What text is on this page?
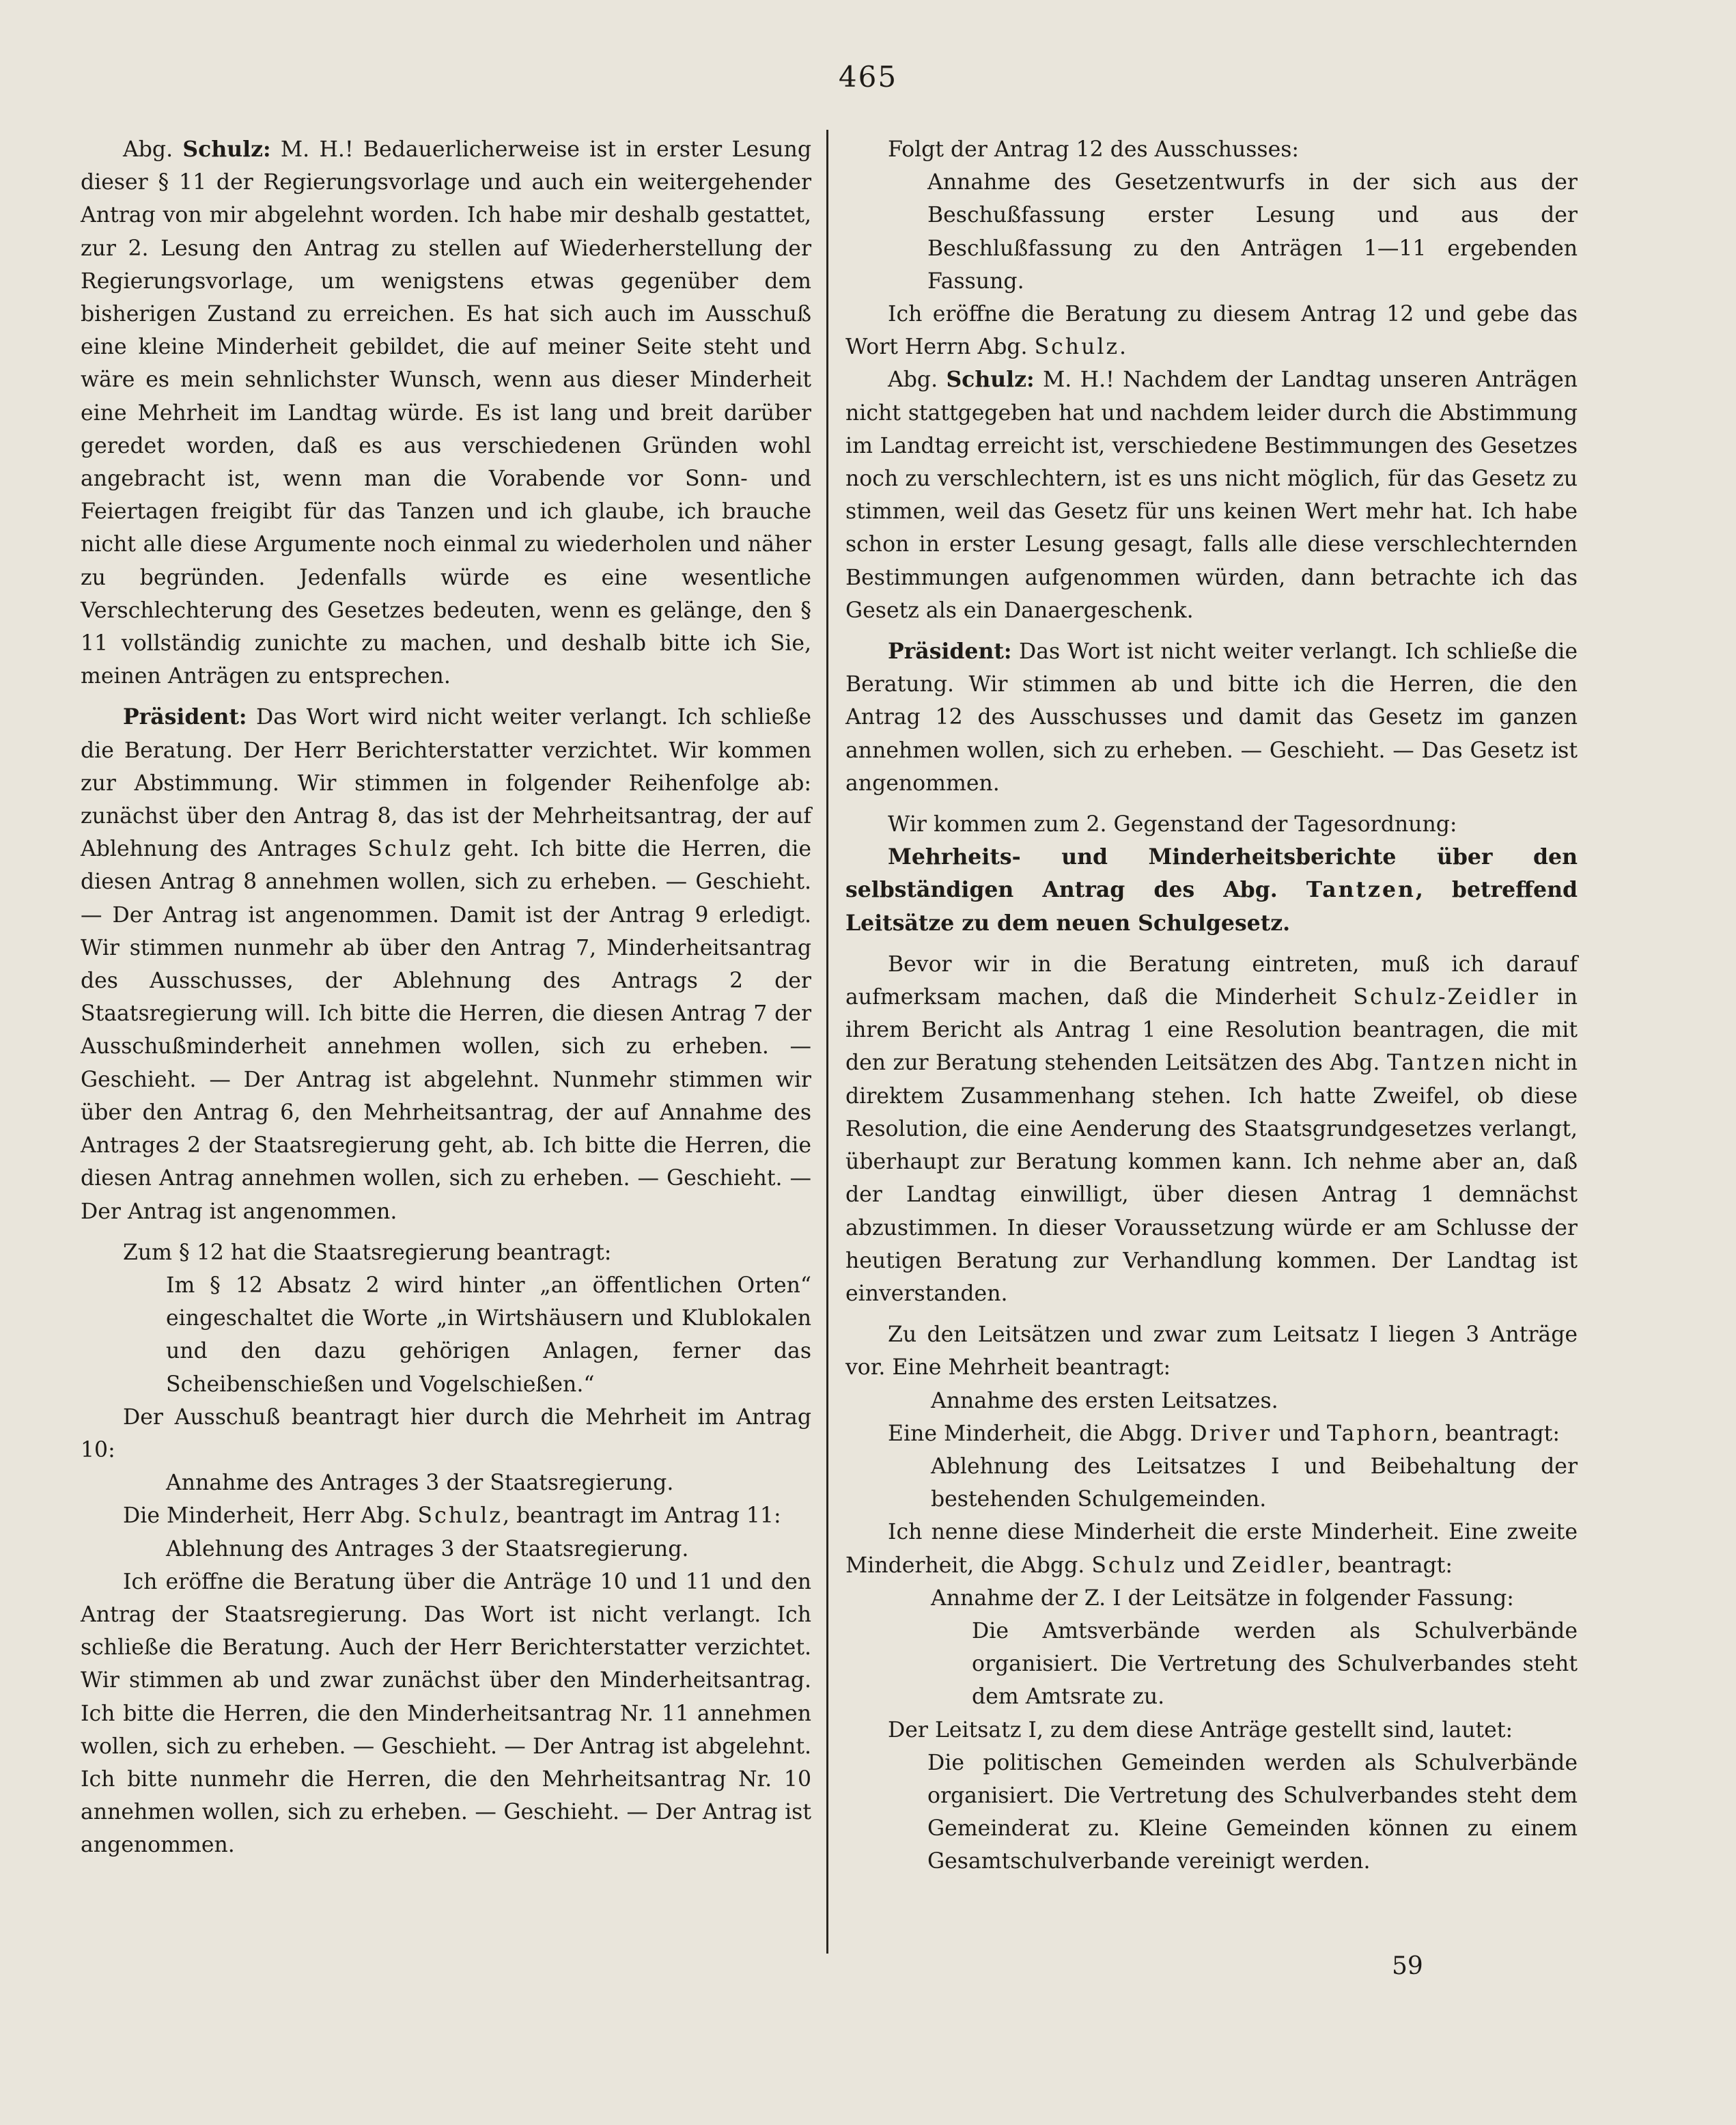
465

Abg. Schulz: M. H.! Bedauerlicherweise ist in erster Lesung dieser § 11 der Regierungsvorlage und auch ein weitergehender Antrag von mir abgelehnt worden. Ich habe mir deshalb gestattet, zur 2. Lesung den Antrag zu stellen auf Wiederherstellung der Regierungsvorlage, um wenigstens etwas gegenüber dem bisherigen Zustand zu erreichen. Es hat sich auch im Ausschuß eine kleine Minderheit gebildet, die auf meiner Seite steht und wäre es mein sehnlichster Wunsch, wenn aus dieser Minderheit eine Mehrheit im Landtag würde. Es ist lang und breit darüber geredet worden, daß es aus verschiedenen Gründen wohl angebracht ist, wenn man die Vorabende vor Sonn- und Feiertagen freigibt für das Tanzen und ich glaube, ich brauche nicht alle diese Argumente noch einmal zu wiederholen und näher zu begründen. Jedenfalls würde es eine wesentliche Verschlechterung des Gesetzes bedeuten, wenn es gelänge, den § 11 vollständig zunichte zu machen, und deshalb bitte ich Sie, meinen Anträgen zu entsprechen.

Präsident: Das Wort wird nicht weiter verlangt. Ich schließe die Beratung. Der Herr Berichterstatter verzichtet. Wir kommen zur Abstimmung. Wir stimmen in folgender Reihenfolge ab: zunächst über den Antrag 8, das ist der Mehrheitsantrag, der auf Ablehnung des Antrages Schulz geht. Ich bitte die Herren, die diesen Antrag 8 annehmen wollen, sich zu erheben. — Geschieht. — Der Antrag ist angenommen. Damit ist der Antrag 9 erledigt. Wir stimmen nunmehr ab über den Antrag 7, Minderheitsantrag des Ausschusses, der Ablehnung des Antrags 2 der Staatsregierung will. Ich bitte die Herren, die diesen Antrag 7 der Ausschußminderheit annehmen wollen, sich zu erheben. — Geschieht. — Der Antrag ist abgelehnt. Nunmehr stimmen wir über den Antrag 6, den Mehrheitsantrag, der auf Annahme des Antrages 2 der Staatsregierung geht, ab. Ich bitte die Herren, die diesen Antrag annehmen wollen, sich zu erheben. — Geschieht. — Der Antrag ist angenommen.

Zum § 12 hat die Staatsregierung beantragt:

Im § 12 Absatz 2 wird hinter „an öffentlichen Orten“ eingeschaltet die Worte „in Wirtshäusern und Klublokalen und den dazu gehörigen Anlagen, ferner das Scheibenschießen und Vogelschießen.“

Der Ausschuß beantragt hier durch die Mehrheit im Antrag 10:

Annahme des Antrages 3 der Staatsregierung.

Die Minderheit, Herr Abg. Schulz, beantragt im Antrag 11:

Ablehnung des Antrages 3 der Staatsregierung.

Ich eröffne die Beratung über die Anträge 10 und 11 und den Antrag der Staatsregierung. Das Wort ist nicht verlangt. Ich schließe die Beratung. Auch der Herr Berichterstatter verzichtet. Wir stimmen ab und zwar zunächst über den Minderheitsantrag. Ich bitte die Herren, die den Minderheitsantrag Nr. 11 annehmen wollen, sich zu erheben. — Geschieht. — Der Antrag ist abgelehnt. Ich bitte nunmehr die Herren, die den Mehrheitsantrag Nr. 10 annehmen wollen, sich zu erheben. — Geschieht. — Der Antrag ist angenommen.

Folgt der Antrag 12 des Ausschusses:

Annahme des Gesetzentwurfs in der sich aus der Beschußfassung erster Lesung und aus der Beschlußfassung zu den Anträgen 1—11 ergebenden Fassung.

Ich eröffne die Beratung zu diesem Antrag 12 und gebe das Wort Herrn Abg. Schulz.

Abg. Schulz: M. H.! Nachdem der Landtag unseren Anträgen nicht stattgegeben hat und nachdem leider durch die Abstimmung im Landtag erreicht ist, verschiedene Bestimmungen des Gesetzes noch zu verschlechtern, ist es uns nicht möglich, für das Gesetz zu stimmen, weil das Gesetz für uns keinen Wert mehr hat. Ich habe schon in erster Lesung gesagt, falls alle diese verschlechternden Bestimmungen aufgenommen würden, dann betrachte ich das Gesetz als ein Danaergeschenk.

Präsident: Das Wort ist nicht weiter verlangt. Ich schließe die Beratung. Wir stimmen ab und bitte ich die Herren, die den Antrag 12 des Ausschusses und damit das Gesetz im ganzen annehmen wollen, sich zu erheben. — Geschieht. — Das Gesetz ist angenommen.

Wir kommen zum 2. Gegenstand der Tagesordnung:

Mehrheits- und Minderheitsberichte über den selbständigen Antrag des Abg. Tantzen, betreffend Leitsätze zu dem neuen Schulgesetz.

Bevor wir in die Beratung eintreten, muß ich darauf aufmerksam machen, daß die Minderheit Schulz-Zeidler in ihrem Bericht als Antrag 1 eine Resolution beantragen, die mit den zur Beratung stehenden Leitsätzen des Abg. Tantzen nicht in direktem Zusammenhang stehen. Ich hatte Zweifel, ob diese Resolution, die eine Aenderung des Staatsgrundgesetzes verlangt, überhaupt zur Beratung kommen kann. Ich nehme aber an, daß der Landtag einwilligt, über diesen Antrag 1 demnächst abzustimmen. In dieser Voraussetzung würde er am Schlusse der heutigen Beratung zur Verhandlung kommen. Der Landtag ist einverstanden.

Zu den Leitsätzen und zwar zum Leitsatz I liegen 3 Anträge vor. Eine Mehrheit beantragt:

Annahme des ersten Leitsatzes.

Eine Minderheit, die Abgg. Driver und Taphorn, beantragt:

Ablehnung des Leitsatzes I und Beibehaltung der bestehenden Schulgemeinden.

Ich nenne diese Minderheit die erste Minderheit. Eine zweite Minderheit, die Abgg. Schulz und Zeidler, beantragt:

Annahme der Z. I der Leitsätze in folgender Fassung:

Die Amtsverbände werden als Schulverbände organisiert. Die Vertretung des Schulverbandes steht dem Amtsrate zu.

Der Leitsatz I, zu dem diese Anträge gestellt sind, lautet:

Die politischen Gemeinden werden als Schulverbände organisiert. Die Vertretung des Schulverbandes steht dem Gemeinderat zu. Kleine Gemeinden können zu einem Gesamtschulverbande vereinigt werden.

59
